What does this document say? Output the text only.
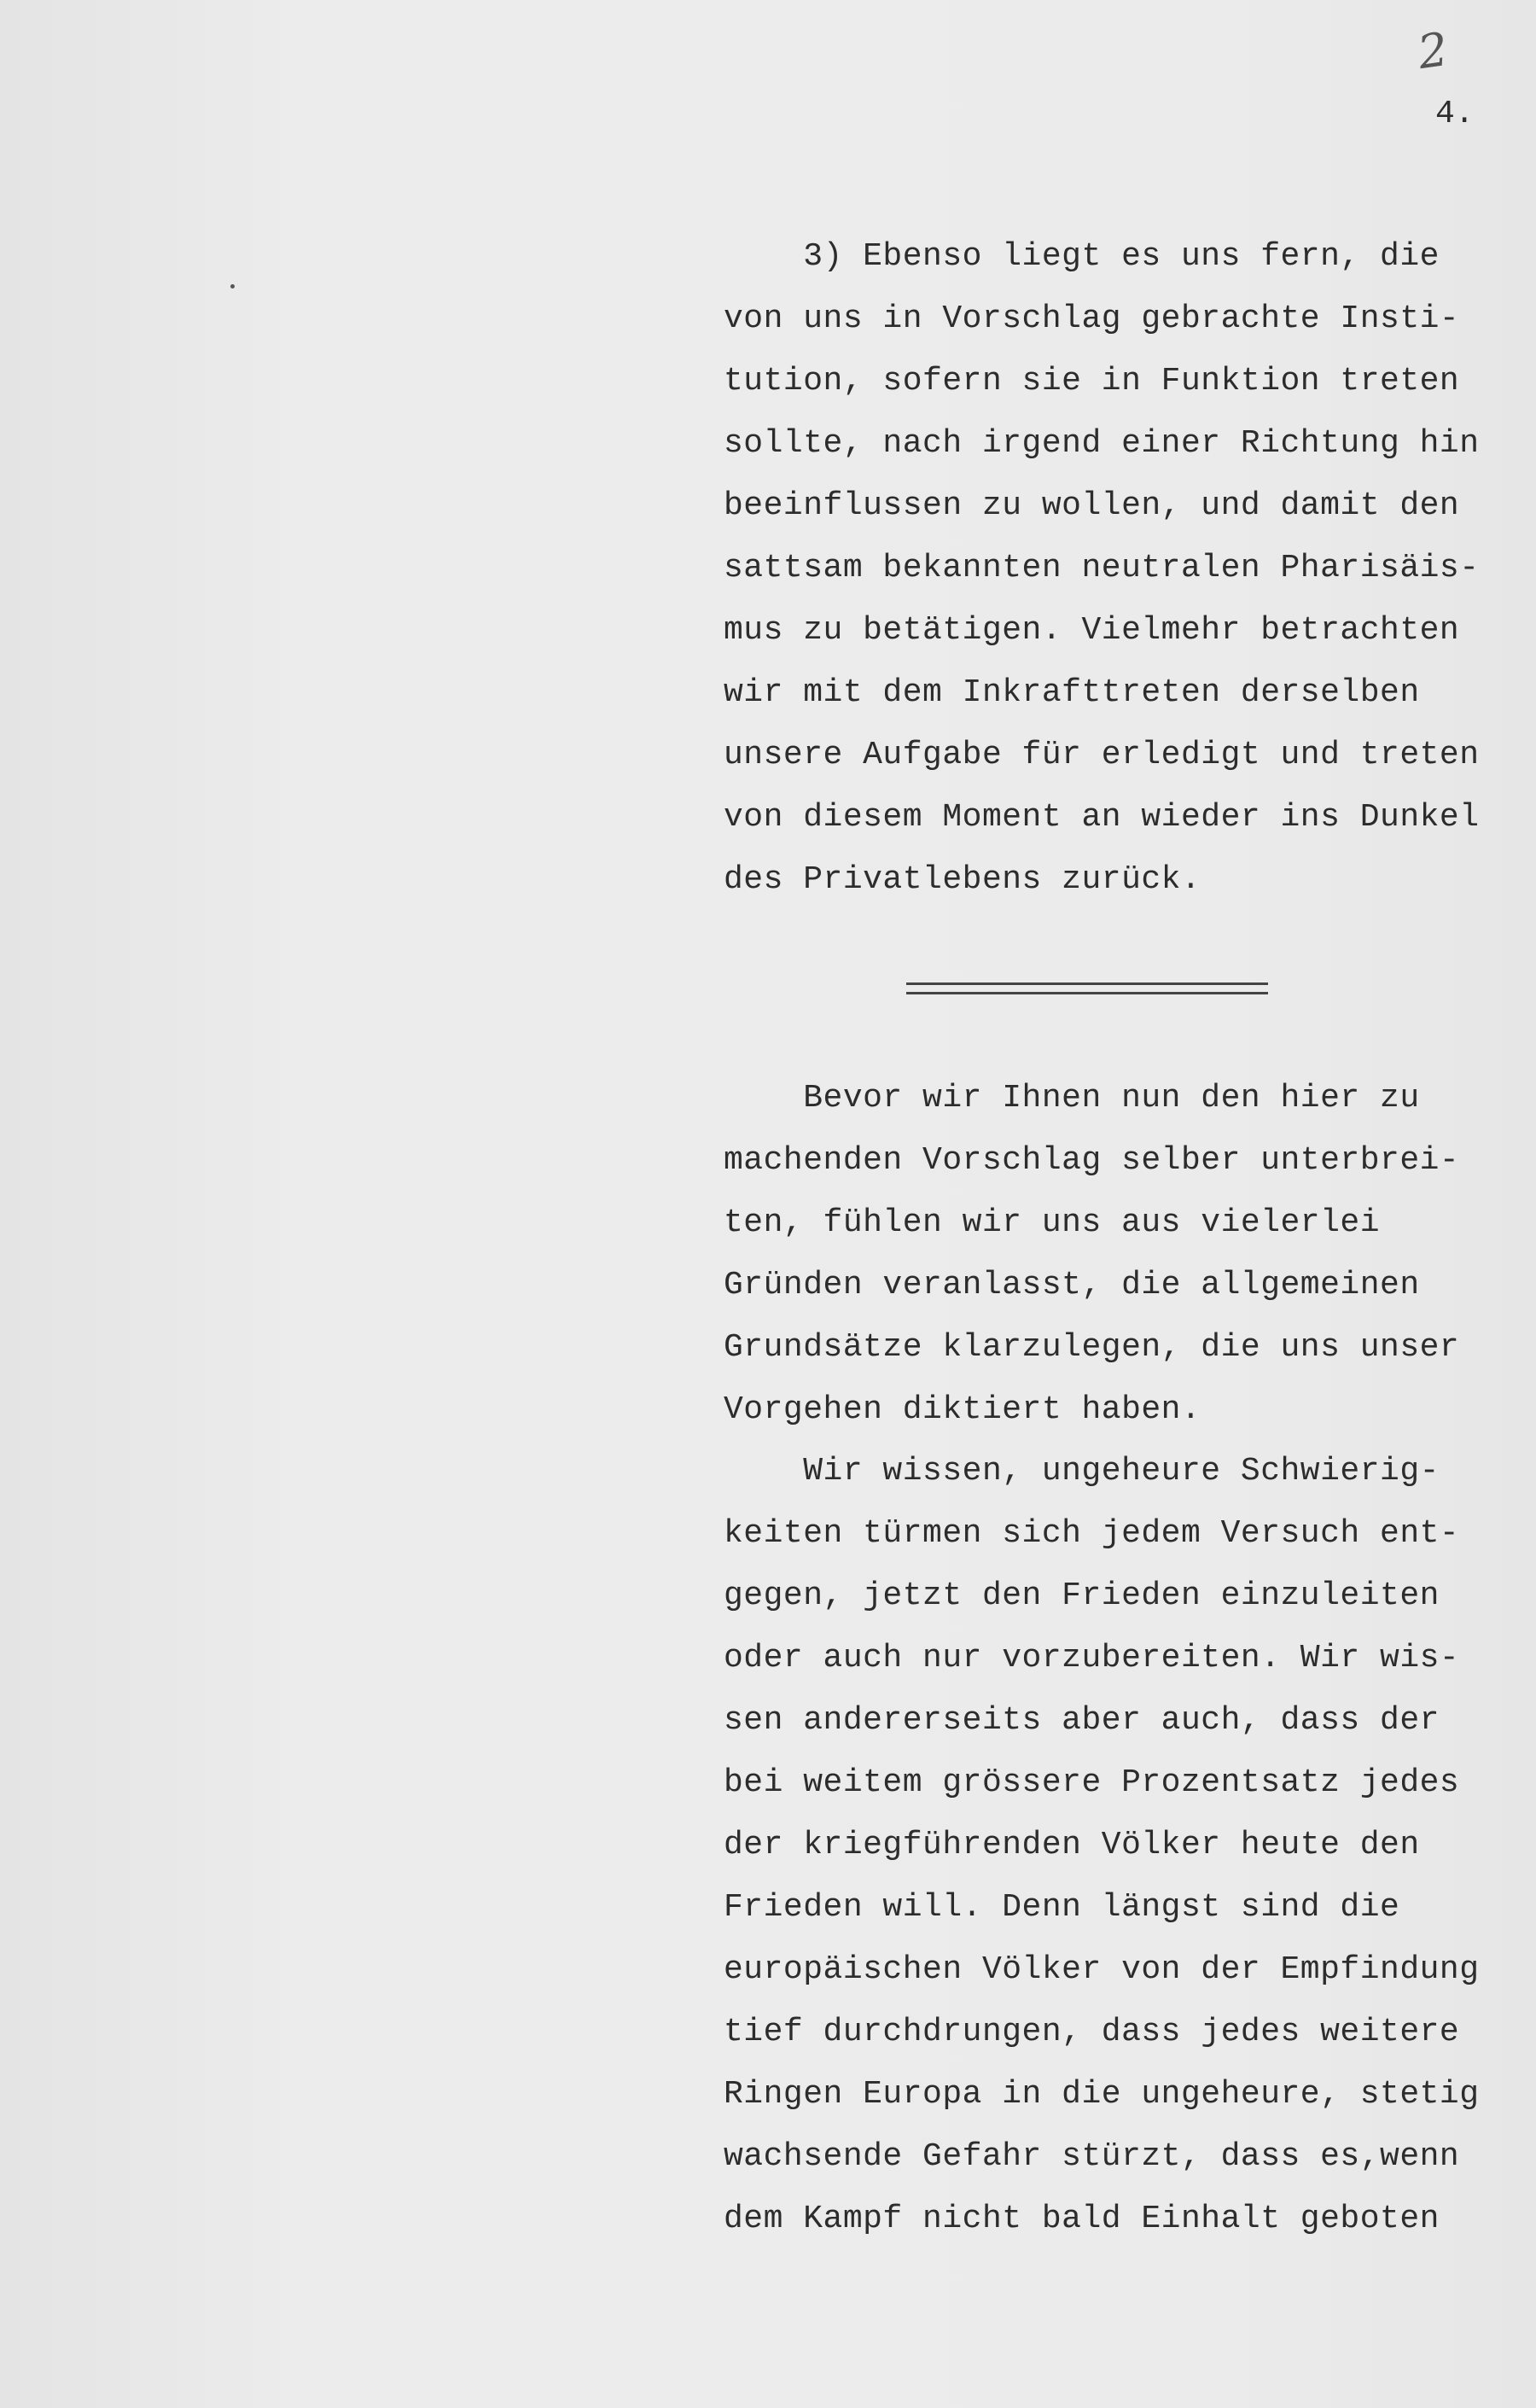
2
4.
3) Ebenso liegt es uns fern, die
von uns in Vorschlag gebrachte Insti-
tution, sofern sie in Funktion treten
sollte, nach irgend einer Richtung hin
beeinflussen zu wollen, und damit den
sattsam bekannten neutralen Pharisäis-
mus zu betätigen. Vielmehr betrachten
wir mit dem Inkrafttreten derselben
unsere Aufgabe für erledigt und treten
von diesem Moment an wieder ins Dunkel
des Privatlebens zurück.
Bevor wir Ihnen nun den hier zu
machenden Vorschlag selber unterbrei-
ten, fühlen wir uns aus vielerlei
Gründen veranlasst, die allgemeinen
Grundsätze klarzulegen, die uns unser
Vorgehen diktiert haben.
Wir wissen, ungeheure Schwierig-
keiten türmen sich jedem Versuch ent-
gegen, jetzt den Frieden einzuleiten
oder auch nur vorzubereiten. Wir wis-
sen andererseits aber auch, dass der
bei weitem grössere Prozentsatz jedes
der kriegführenden Völker heute den
Frieden will. Denn längst sind die
europäischen Völker von der Empfindung
tief durchdrungen, dass jedes weitere
Ringen Europa in die ungeheure, stetig
wachsende Gefahr stürzt, dass es,wenn
dem Kampf nicht bald Einhalt geboten
